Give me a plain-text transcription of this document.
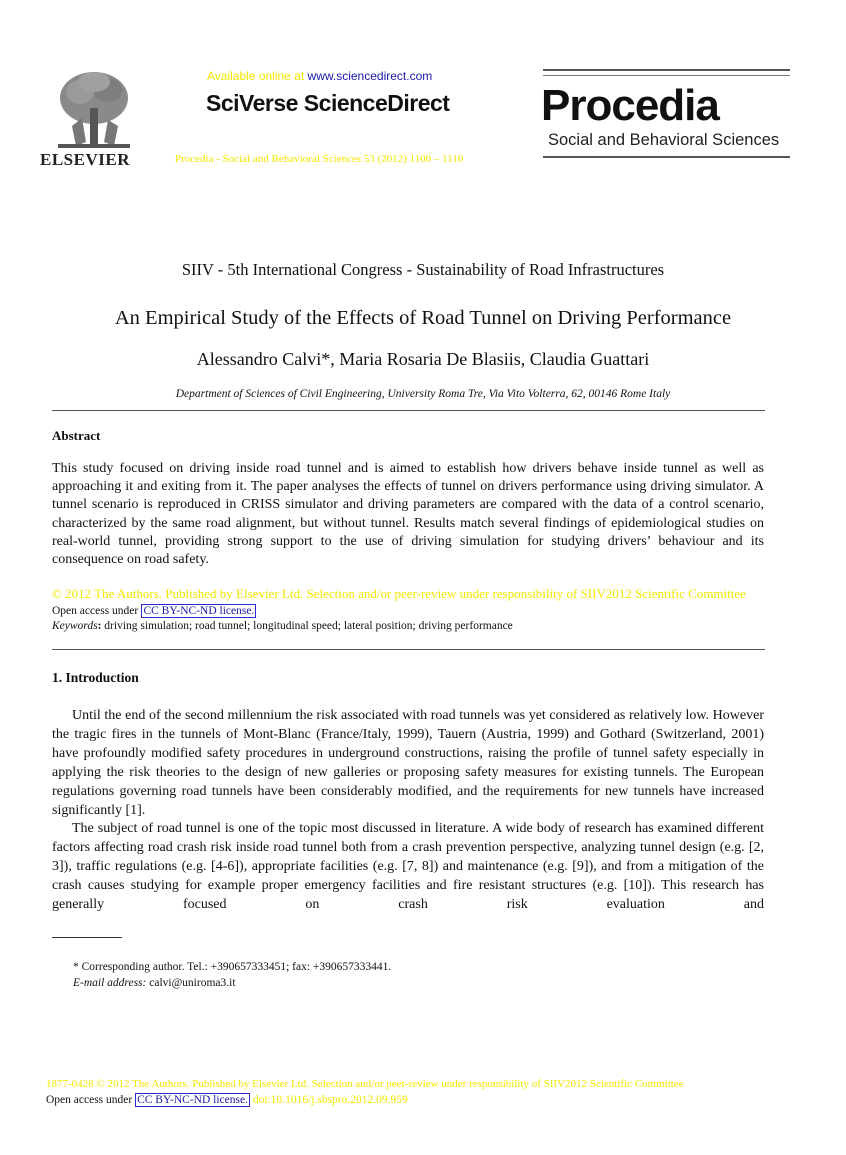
ELSEVIER
Available online at www.sciencedirect.com
SciVerse ScienceDirect
Procedia - Social and Behavioral Sciences 53 (2012) 1100 – 1110
Procedia
Social and Behavioral Sciences
SIIV - 5th International Congress - Sustainability of Road Infrastructures
An Empirical Study of the Effects of Road Tunnel on Driving Performance
Alessandro Calvi*, Maria Rosaria De Blasiis, Claudia Guattari
Department of Sciences of Civil Engineering, University Roma Tre, Via Vito Volterra, 62, 00146 Rome Italy
Abstract
This study focused on driving inside road tunnel and is aimed to establish how drivers behave inside tunnel as well as approaching it and exiting from it. The paper analyses the effects of tunnel on drivers performance using driving simulator. A tunnel scenario is reproduced in CRISS simulator and driving parameters are compared with the data of a control scenario, characterized by the same road alignment, but without tunnel. Results match several findings of epidemiological studies on real-world tunnel, providing strong support to the use of driving simulation for studying drivers’ behaviour and its consequence on road safety.
© 2012 The Authors. Published by Elsevier Ltd. Selection and/or peer-review under responsibility of SIIV2012 Scientific Committee Open access under CC BY-NC-ND license.
Keywords: driving simulation; road tunnel; longitudinal speed; lateral position; driving performance
1. Introduction

Until the end of the second millennium the risk associated with road tunnels was yet considered as relatively low. However the tragic fires in the tunnels of Mont-Blanc (France/Italy, 1999), Tauern (Austria, 1999) and Gothard (Switzerland, 2001) have profoundly modified safety procedures in underground constructions, raising the profile of tunnel safety especially in applying the risk theories to the design of new galleries or proposing safety measures for existing tunnels. The European regulations governing road tunnels have been considerably modified, and the requirements for new tunnels have increased significantly [1].

The subject of road tunnel is one of the topic most discussed in literature. A wide body of research has examined different factors affecting road crash risk inside road tunnel both from a crash prevention perspective, analyzing tunnel design (e.g. [2, 3]), traffic regulations (e.g. [4-6]), appropriate facilities (e.g. [7, 8]) and maintenance (e.g. [9]), and from a mitigation of the crash causes studying for example proper emergency facilities and fire resistant structures (e.g. [10]). This research has generally focused on crash risk evaluation and

* Corresponding author. Tel.: +390657333451; fax: +390657333441.
E-mail address: calvi@uniroma3.it
1877-0428 © 2012 The Authors. Published by Elsevier Ltd. Selection and/or peer-review under responsibility of SIIV2012 Scientific Committee
Open access under CC BY-NC-ND license. doi:10.1016/j.sbspro.2012.09.959
